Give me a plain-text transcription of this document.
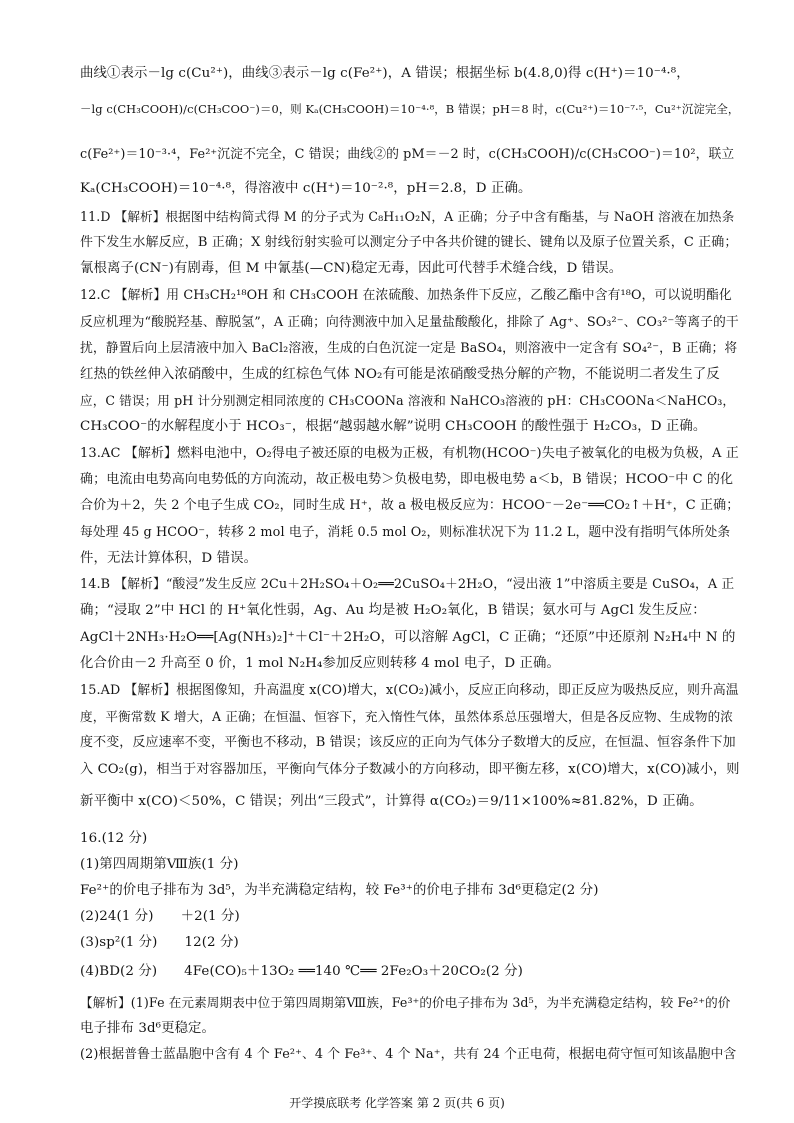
曲线①表示－lg c(Cu²⁺)，曲线③表示－lg c(Fe²⁺)，A 错误；根据坐标 b(4.8,0)得 c(H⁺)＝10⁻⁴·⁸，
－lg c(CH₃COOH)/c(CH₃COO⁻)＝0，则 Kₐ(CH₃COOH)＝10⁻⁴·⁸，B 错误；pH＝8 时，c(Cu²⁺)＝10⁻⁷·⁵，Cu²⁺沉淀完全，
c(Fe²⁺)＝10⁻³·⁴，Fe²⁺沉淀不完全，C 错误；曲线②的 pM＝－2 时，c(CH₃COOH)/c(CH₃COO⁻)＝10²，联立
Kₐ(CH₃COOH)＝10⁻⁴·⁸，得溶液中 c(H⁺)＝10⁻²·⁸，pH＝2.8，D 正确。
11.D 【解析】根据图中结构简式得 M 的分子式为 C₈H₁₁O₂N，A 正确；分子中含有酯基，与 NaOH 溶液在加热条
件下发生水解反应，B 正确；X 射线衍射实验可以测定分子中各共价键的键长、键角以及原子位置关系，C 正确；
氰根离子(CN⁻)有剧毒，但 M 中氰基(—CN)稳定无毒，因此可代替手术缝合线，D 错误。
12.C 【解析】用 CH₃CH₂¹⁸OH 和 CH₃COOH 在浓硫酸、加热条件下反应，乙酸乙酯中含有¹⁸O，可以说明酯化
反应机理为“酸脱羟基、醇脱氢”，A 正确；向待测液中加入足量盐酸酸化，排除了 Ag⁺、SO₃²⁻、CO₃²⁻等离子的干
扰，静置后向上层清液中加入 BaCl₂溶液，生成的白色沉淀一定是 BaSO₄，则溶液中一定含有 SO₄²⁻，B 正确；将
红热的铁丝伸入浓硝酸中，生成的红棕色气体 NO₂有可能是浓硝酸受热分解的产物，不能说明二者发生了反
应，C 错误；用 pH 计分别测定相同浓度的 CH₃COONa 溶液和 NaHCO₃溶液的 pH：CH₃COONa＜NaHCO₃，
CH₃COO⁻的水解程度小于 HCO₃⁻，根据“越弱越水解”说明 CH₃COOH 的酸性强于 H₂CO₃，D 正确。
13.AC 【解析】燃料电池中，O₂得电子被还原的电极为正极，有机物(HCOO⁻)失电子被氧化的电极为负极，A 正
确；电流由电势高向电势低的方向流动，故正极电势＞负极电势，即电极电势 a＜b，B 错误；HCOO⁻中 C 的化
合价为＋2，失 2 个电子生成 CO₂，同时生成 H⁺，故 a 极电极反应为：HCOO⁻－2e⁻══CO₂↑＋H⁺，C 正确；
每处理 45 g HCOO⁻，转移 2 mol 电子，消耗 0.5 mol O₂，则标准状况下为 11.2 L，题中没有指明气体所处条
件，无法计算体积，D 错误。
14.B 【解析】“酸浸”发生反应 2Cu＋2H₂SO₄＋O₂══2CuSO₄＋2H₂O，“浸出液 1”中溶质主要是 CuSO₄，A 正
确；“浸取 2”中 HCl 的 H⁺氧化性弱，Ag、Au 均是被 H₂O₂氧化，B 错误；氨水可与 AgCl 发生反应：
AgCl＋2NH₃·H₂O══[Ag(NH₃)₂]⁺＋Cl⁻＋2H₂O，可以溶解 AgCl，C 正确；“还原”中还原剂 N₂H₄中 N 的
化合价由－2 升高至 0 价，1 mol N₂H₄参加反应则转移 4 mol 电子，D 正确。
15.AD 【解析】根据图像知，升高温度 x(CO)增大，x(CO₂)减小，反应正向移动，即正反应为吸热反应，则升高温
度，平衡常数 K 增大，A 正确；在恒温、恒容下，充入惰性气体，虽然体系总压强增大，但是各反应物、生成物的浓
度不变，反应速率不变，平衡也不移动，B 错误；该反应的正向为气体分子数增大的反应，在恒温、恒容条件下加
入 CO₂(g)，相当于对容器加压，平衡向气体分子数减小的方向移动，即平衡左移，x(CO)增大，x(CO)减小，则
新平衡中 x(CO)＜50%，C 错误；列出“三段式”，计算得 α(CO₂)＝9/11×100%≈81.82%，D 正确。
16.(12 分)
(1)第四周期第Ⅷ族(1 分)
Fe²⁺的价电子排布为 3d⁵，为半充满稳定结构，较 Fe³⁺的价电子排布 3d⁶更稳定(2 分)
(2)24(1 分)　　＋2(1 分)
(3)sp²(1 分)　　12(2 分)
(4)BD(2 分)　　4Fe(CO)₅＋13O₂ ══140 ℃══ 2Fe₂O₃＋20CO₂(2 分)
【解析】(1)Fe 在元素周期表中位于第四周期第Ⅷ族，Fe³⁺的价电子排布为 3d⁵，为半充满稳定结构，较 Fe²⁺的价
电子排布 3d⁶更稳定。
(2)根据普鲁士蓝晶胞中含有 4 个 Fe²⁺、4 个 Fe³⁺、4 个 Na⁺，共有 24 个正电荷，根据电荷守恒可知该晶胞中含
开学摸底联考 化学答案 第 2 页(共 6 页)
